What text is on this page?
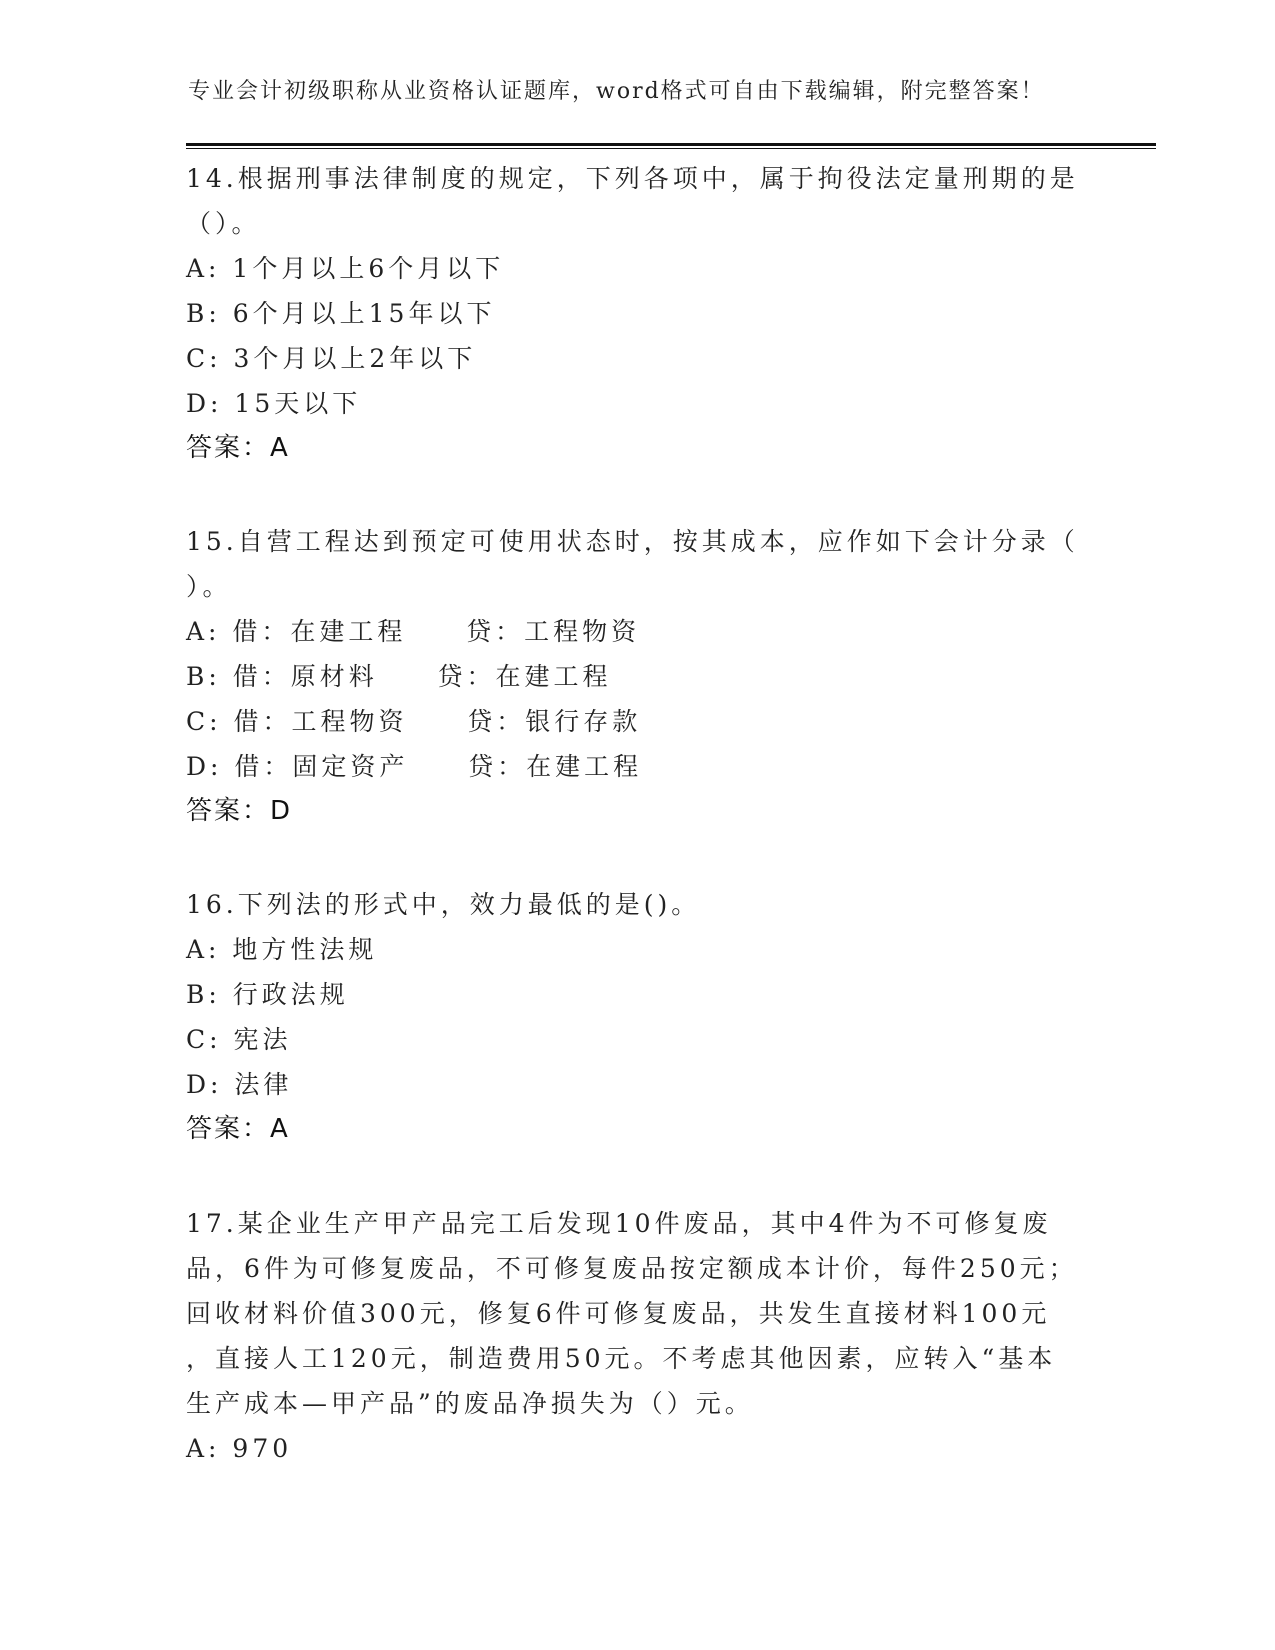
专业会计初级职称从业资格认证题库，word格式可自由下载编辑，附完整答案！

14.根据刑事法律制度的规定，下列各项中，属于拘役法定量刑期的是
（）。

A: 1个月以上6个月以下

B: 6个月以上15年以下

C: 3个月以上2年以下

D: 15天以下

答案：A

15.自营工程达到预定可使用状态时，按其成本，应作如下会计分录（
）。

A: 借：在建工程     贷：工程物资

B: 借：原材料     贷：在建工程

C: 借：工程物资     贷：银行存款

D: 借：固定资产     贷：在建工程

答案：D

16.下列法的形式中，效力最低的是()。

A: 地方性法规

B: 行政法规

C: 宪法

D: 法律

答案：A

17.某企业生产甲产品完工后发现10件废品，其中4件为不可修复废
品，6件为可修复废品，不可修复废品按定额成本计价，每件250元；
回收材料价值300元，修复6件可修复废品，共发生直接材料100元
，直接人工120元，制造费用50元。不考虑其他因素，应转入“基本
生产成本—甲产品”的废品净损失为（）元。

A: 970
